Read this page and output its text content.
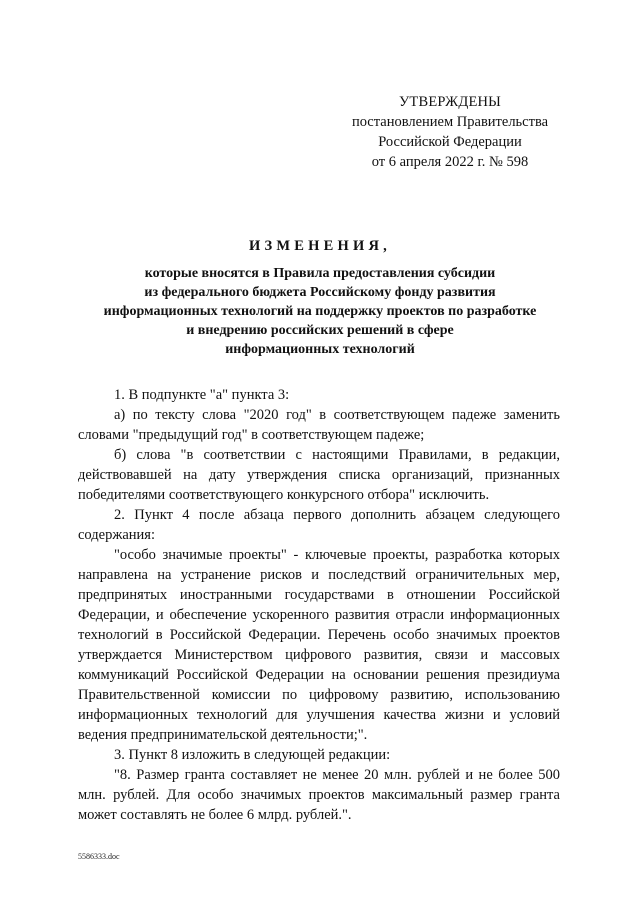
УТВЕРЖДЕНЫ
постановлением Правительства
Российской Федерации
от 6 апреля 2022 г. № 598
ИЗМЕНЕНИЯ,
которые вносятся в Правила предоставления субсидии
из федерального бюджета Российскому фонду развития
информационных технологий на поддержку проектов по разработке
и внедрению российских решений в сфере
информационных технологий

1. В подпункте "а" пункта 3:

а) по тексту слова "2020 год" в соответствующем падеже заменить словами "предыдущий год" в соответствующем падеже;

б) слова "в соответствии с настоящими Правилами, в редакции, действовавшей на дату утверждения списка организаций, признанных победителями соответствующего конкурсного отбора" исключить.

2. Пункт 4 после абзаца первого дополнить абзацем следующего содержания:

"особо значимые проекты" - ключевые проекты, разработка которых направлена на устранение рисков и последствий ограничительных мер, предпринятых иностранными государствами в отношении Российской Федерации, и обеспечение ускоренного развития отрасли информационных технологий в Российской Федерации. Перечень особо значимых проектов утверждается Министерством цифрового развития, связи и массовых коммуникаций Российской Федерации на основании решения президиума Правительственной комиссии по цифровому развитию, использованию информационных технологий для улучшения качества жизни и условий ведения предпринимательской деятельности;".

3. Пункт 8 изложить в следующей редакции:

"8. Размер гранта составляет не менее 20 млн. рублей и не более 500 млн. рублей. Для особо значимых проектов максимальный размер гранта может составлять не более 6 млрд. рублей.".

5586333.doc
